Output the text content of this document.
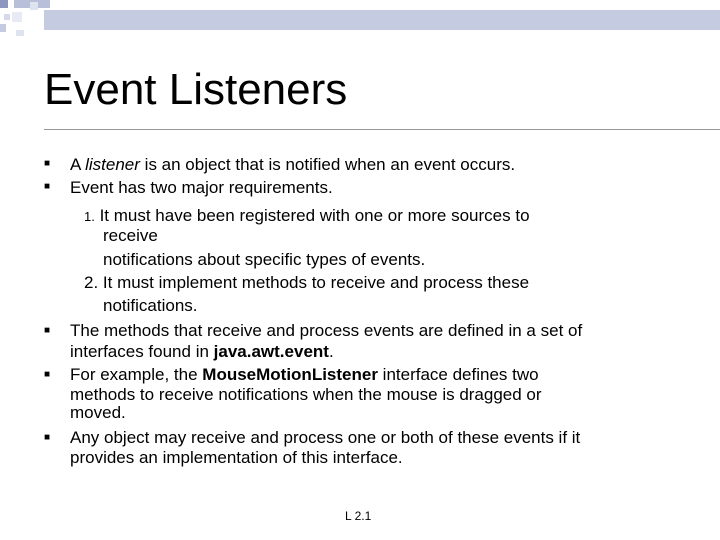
Event Listeners
■
A listener is an object that is notified when an event occurs.
■
Event has two major requirements.
1. It must have been registered with one or more sources to
receive
notifications about specific types of events.
2. It must implement methods to receive and process these
notifications.
■
The methods that receive and process events are defined in a set of
interfaces found in java.awt.event.
■
For example, the MouseMotionListener interface defines two
methods to receive notifications when the mouse is dragged or
moved.
■
Any object may receive and process one or both of these events if it
provides an implementation of this interface.
L 2.1
